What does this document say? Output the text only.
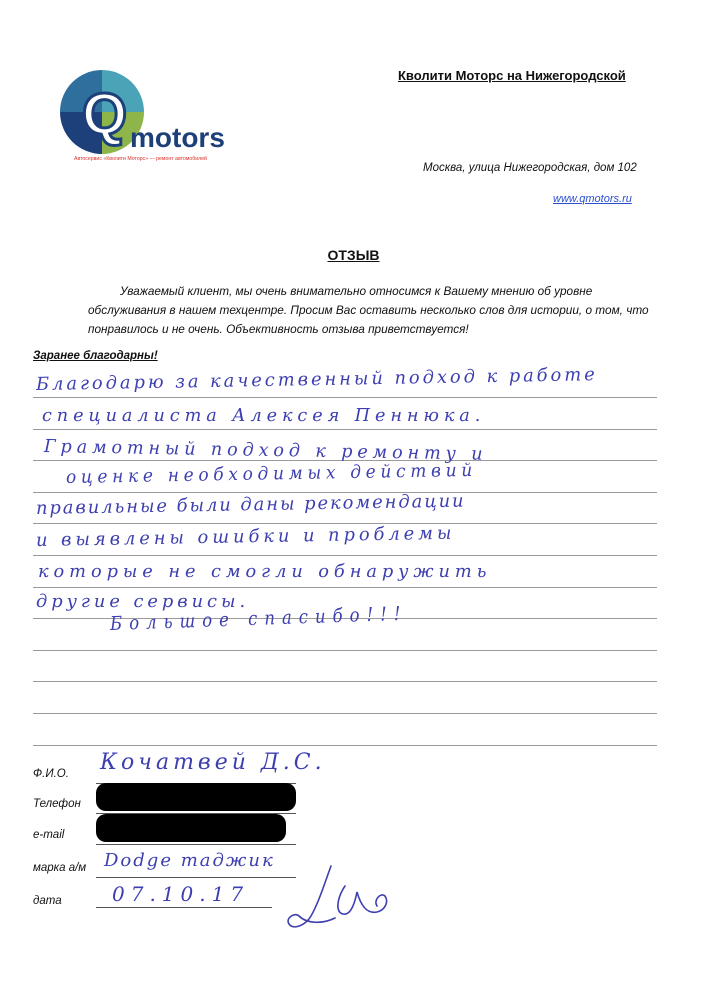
Q motors
Автосервис «Кволити Моторс» — ремонт автомобилей
Кволити Моторс на Нижегородской
Москва, улица Нижегородская, дом 102
www.qmotors.ru
ОТЗЫВ
Уважаемый клиент, мы очень внимательно относимся к Вашему мнению об уровне обслуживания в нашем техцентре. Просим Вас оставить несколько слов для истории, о том, что понравилось и не очень. Объективность отзыва приветствуется!
Заранее благодарны!
Благодарю за качественный подход к работе
специалиста Алексея Пеннюка.
Грамотный подход к ремонту и
оценке необходимых действий
правильные были даны рекомендации
и выявлены ошибки и проблемы
которые не смогли обнаружить
другие сервисы.
Большое спасибо!!!
Ф.И.О. Кочатвей Д.С.
Телефон
e-mail
марка а/м Dodge таджик
дата	07.10.17
